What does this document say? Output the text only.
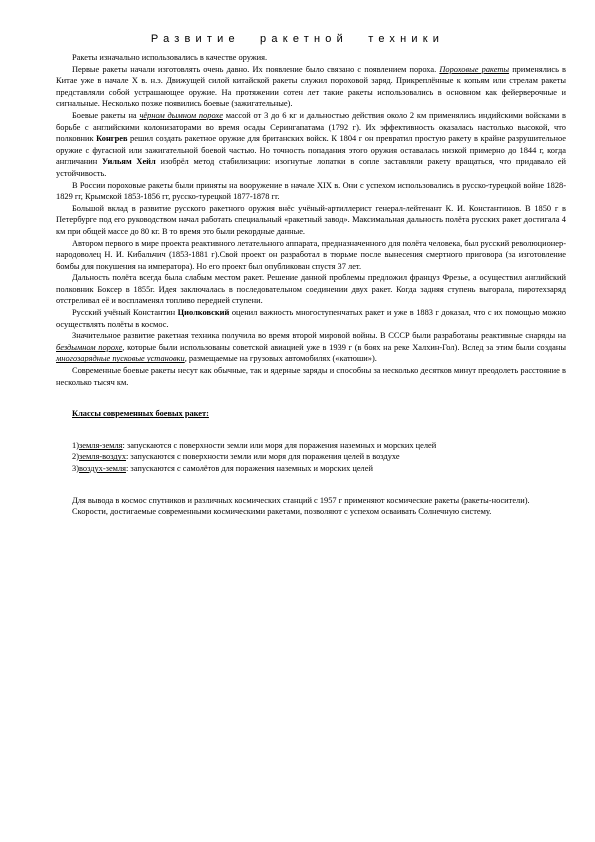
Развитие ракетной техники

Ракеты изначально использовались в качестве оружия.

Первые ракеты начали изготовлять очень давно. Их появление было связано с появлением пороха. Пороховые ракеты применялись в Китае уже в начале X в. н.э. Движущей силой китайской ракеты служил пороховой заряд. Прикреплённые к копьям или стрелам ракеты представляли собой устрашающее оружие. На протяжении сотен лет такие ракеты использовались в основном как фейерверочные и сигнальные. Несколько позже появились боевые (зажигательные).

Боевые ракеты на чёрном дымном порохе массой от 3 до 6 кг и дальностью действия около 2 км применялись индийскими войсками в борьбе с английскими колонизаторами во время осады Серингапатама (1792 г). Их эффективность оказалась настолько высокой, что полковник Конгрев решил создать ракетное оружие для британских войск. К 1804 г он превратил простую ракету в крайне разрушительное оружие с фугасной или зажигательной боевой частью. Но точность попадания этого оружия оставалась низкой примерно до 1844 г, когда англичанин Уильям Хейл изобрёл метод стабилизации: изогнутые лопатки в сопле заставляли ракету вращаться, что придавало ей устойчивость.

В России пороховые ракеты были приняты на вооружение в начале XIX в. Они с успехом использовались в русско-турецкой войне 1828-1829 гг, Крымской 1853-1856 гг, русско-турецкой 1877-1878 гг.

Большой вклад в развитие русского ракетного оружия внёс учёный-артиллерист генерал-лейтенант К. И. Константинов. В 1850 г в Петербурге под его руководством начал работать специальный «ракетный завод». Максимальная дальность полёта русских ракет достигала 4 км при общей массе до 80 кг. В то время это были рекордные данные.

Автором первого в мире проекта реактивного летательного аппарата, предназначенного для полёта человека, был русский революционер-народоволец Н. И. Кибальчич (1853-1881 г).Свой проект он разработал в тюрьме после вынесения смертного приговора (за изготовление бомбы для покушения на императора). Но его проект был опубликован спустя 37 лет.

Дальность полёта всегда была слабым местом ракет. Решение данной проблемы предложил француз Фрезье, а осуществил английский полковник Боксер в 1855г. Идея заключалась в последовательном соединении двух ракет. Когда задняя ступень выгорала, пиротехзаряд отстреливал её и воспламенял топливо передней ступени.

Русский учёный Константин Циолковский оценил важность многоступенчатых ракет и уже в 1883 г доказал, что с их помощью можно осуществлять полёты в космос.

Значительное развитие ракетная техника получила во время второй мировой войны. В СССР были разработаны реактивные снаряды на бездымном порохе, которые были использованы советской авиацией уже в 1939 г (в боях на реке Халхин-Гол). Вслед за этим были созданы многозарядные пусковые установки, размещаемые на грузовых автомобилях («катюши»).

Современные боевые ракеты несут как обычные, так и ядерные заряды и способны за несколько десятков минут преодолеть расстояние в несколько тысяч км.

Классы современных боевых ракет:

1)земля-земля: запускаются с поверхности земли или моря для поражения наземных и морских целей

2)земля-воздух: запускаются с поверхности земли или моря для поражения целей в воздухе

3)воздух-земля: запускаются с самолётов для поражения наземных и морских целей

Для вывода в космос спутников и различных космических станций с 1957 г применяют космические ракеты (ракеты-носители).

Скорости, достигаемые современными космическими ракетами, позволяют с успехом осваивать Солнечную систему.
